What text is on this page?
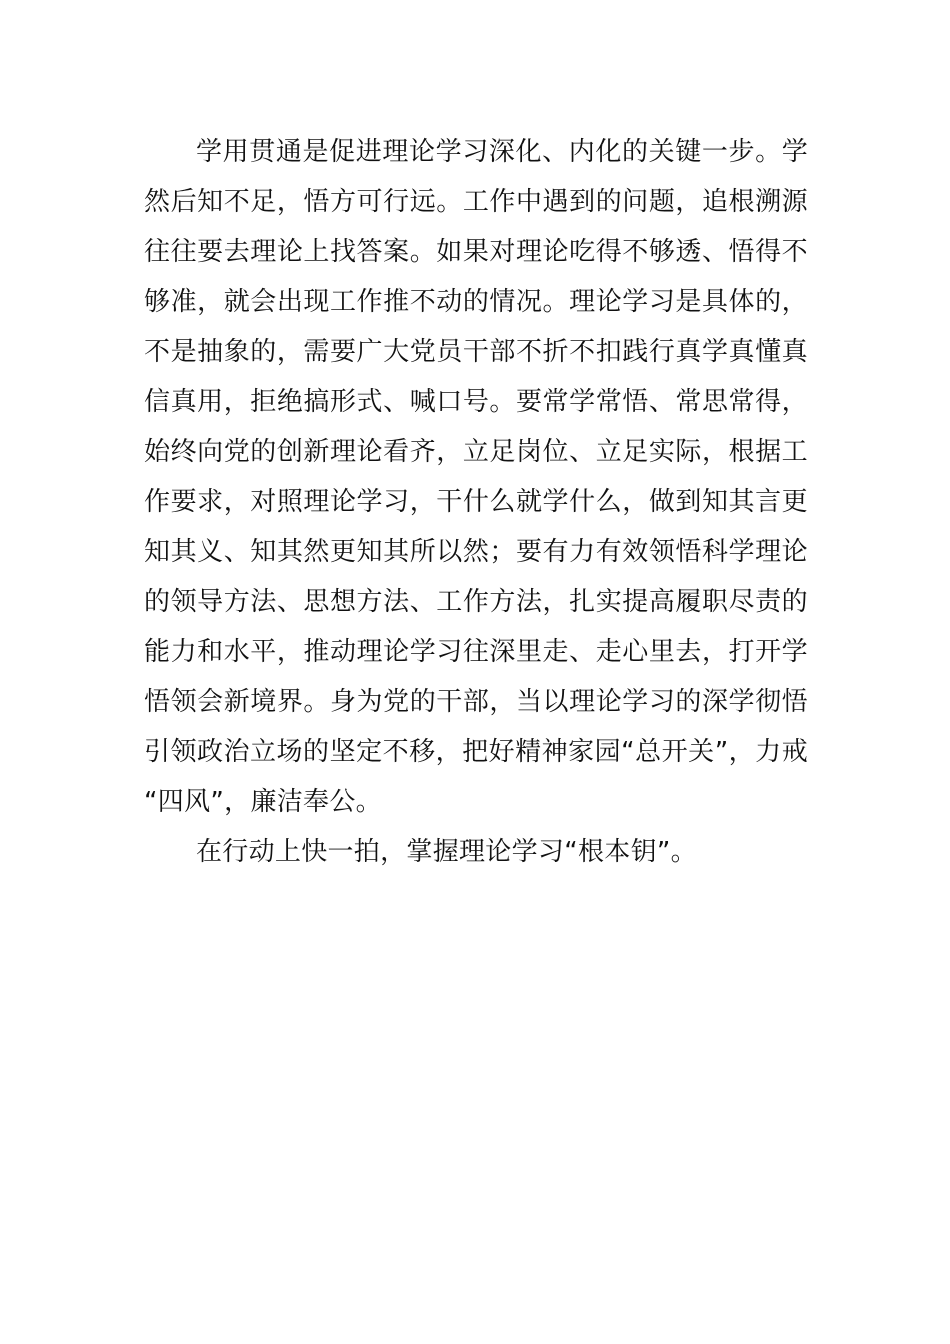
学用贯通是促进理论学习深化、内化的关键一步。学
然后知不足，悟方可行远。工作中遇到的问题，追根溯源
往往要去理论上找答案。如果对理论吃得不够透、悟得不
够准，就会出现工作推不动的情况。理论学习是具体的，
不是抽象的，需要广大党员干部不折不扣践行真学真懂真
信真用，拒绝搞形式、喊口号。要常学常悟、常思常得，
始终向党的创新理论看齐，立足岗位、立足实际，根据工
作要求，对照理论学习，干什么就学什么，做到知其言更
知其义、知其然更知其所以然；要有力有效领悟科学理论
的领导方法、思想方法、工作方法，扎实提高履职尽责的
能力和水平，推动理论学习往深里走、走心里去，打开学
悟领会新境界。身为党的干部，当以理论学习的深学彻悟
引领政治立场的坚定不移，把好精神家园“总开关”，力戒
“四风”，廉洁奉公。

在行动上快一拍，掌握理论学习“根本钥”。
